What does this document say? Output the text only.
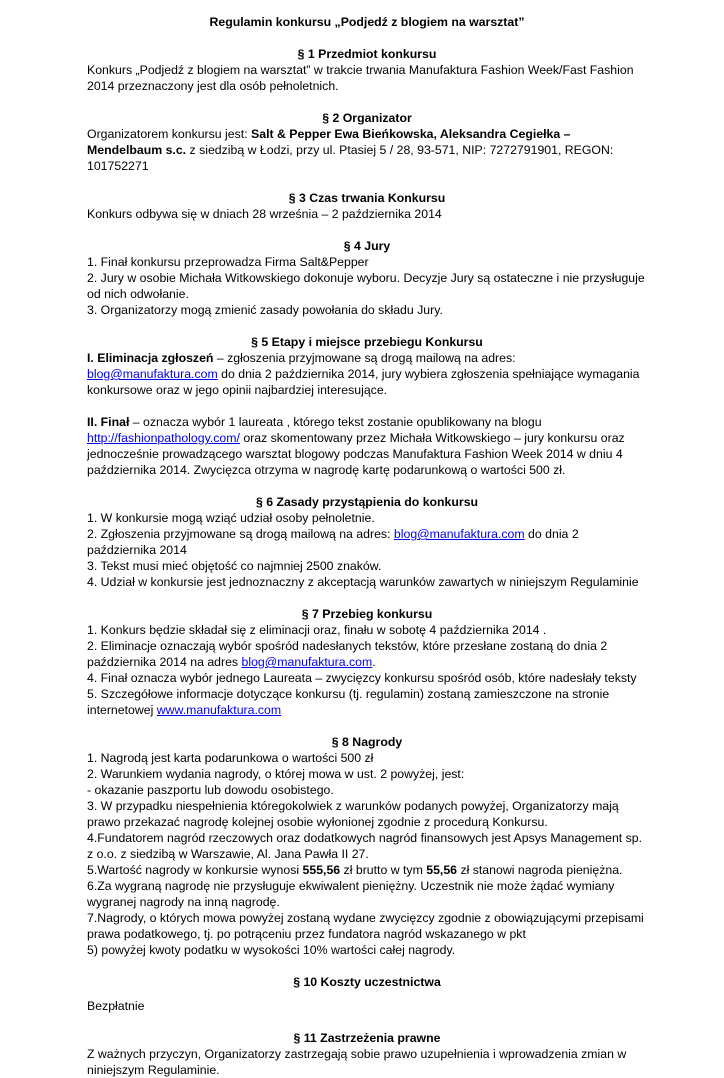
Regulamin konkursu „Podjedź z blogiem na warsztat”
§ 1 Przedmiot konkursu

Konkurs „Podjedź z blogiem na warsztat” w trakcie trwania Manufaktura Fashion Week/Fast Fashion 2014 przeznaczony jest dla osób pełnoletnich.

§ 2 Organizator

Organizatorem konkursu jest: Salt & Pepper Ewa Bieńkowska, Aleksandra Cegiełka – Mendelbaum s.c. z siedzibą w Łodzi, przy ul. Ptasiej 5 / 28, 93-571, NIP: 7272791901, REGON: 101752271

§ 3 Czas trwania Konkursu

Konkurs odbywa się w dniach 28 września – 2 października 2014

§ 4 Jury

1. Finał konkursu przeprowadza Firma Salt&Pepper

2. Jury w osobie Michała Witkowskiego dokonuje wyboru. Decyzje Jury są ostateczne i nie przysługuje od nich odwołanie.

3. Organizatorzy mogą zmienić zasady powołania do składu Jury.

§ 5 Etapy i miejsce przebiegu Konkursu

I. Eliminacja zgłoszeń – zgłoszenia przyjmowane są drogą mailową na adres: blog@manufaktura.com do dnia 2 października 2014, jury wybiera zgłoszenia spełniające wymagania konkursowe oraz w jego opinii najbardziej interesujące.

II. Finał – oznacza wybór 1 laureata , którego tekst zostanie opublikowany na blogu http://fashionpathology.com/ oraz skomentowany przez Michała Witkowskiego – jury konkursu oraz jednocześnie prowadzącego warsztat blogowy podczas Manufaktura Fashion Week 2014 w dniu 4 października 2014. Zwycięzca otrzyma w nagrodę kartę podarunkową o wartości 500 zł.

§ 6 Zasady przystąpienia do konkursu

1. W konkursie mogą wziąć udział osoby pełnoletnie.

2. Zgłoszenia przyjmowane są drogą mailową na adres: blog@manufaktura.com do dnia 2 października 2014

3. Tekst musi mieć objętość co najmniej 2500 znaków.

4. Udział w konkursie jest jednoznaczny z akceptacją warunków zawartych w niniejszym Regulaminie

§ 7 Przebieg konkursu

1. Konkurs będzie składał się z eliminacji oraz, finału w sobotę 4 października 2014 .

2. Eliminacje oznaczają wybór spośród nadesłanych tekstów, które przesłane zostaną do dnia 2 października 2014 na adres blog@manufaktura.com.

4. Finał oznacza wybór jednego Laureata – zwycięzcy konkursu spośród osób, które nadesłały teksty

5. Szczegółowe informacje dotyczące konkursu (tj. regulamin) zostaną zamieszczone na stronie internetowej www.manufaktura.com

§ 8 Nagrody

1. Nagrodą jest karta podarunkowa o wartości 500 zł

2. Warunkiem wydania nagrody, o której mowa w ust. 2 powyżej, jest:

- okazanie paszportu lub dowodu osobistego.

3. W przypadku niespełnienia któregokolwiek z warunków podanych powyżej, Organizatorzy mają prawo przekazać nagrodę kolejnej osobie wyłonionej zgodnie z procedurą Konkursu.

4.Fundatorem nagród rzeczowych oraz dodatkowych nagród finansowych jest Apsys Management sp. z o.o. z siedzibą w Warszawie, Al. Jana Pawła II 27.

5.Wartość nagrody w konkursie wynosi 555,56 zł brutto w tym 55,56 zł stanowi nagroda pieniężna.

6.Za wygraną nagrodę nie przysługuje ekwiwalent pieniężny. Uczestnik nie może żądać wymiany wygranej nagrody na inną nagrodę.

7.Nagrody, o których mowa powyżej zostaną wydane zwycięzcy zgodnie z obowiązującymi przepisami prawa podatkowego, tj. po potrąceniu przez fundatora nagród wskazanego w pkt

5) powyżej kwoty podatku w wysokości 10% wartości całej nagrody.

§ 10 Koszty uczestnictwa

Bezpłatnie

§ 11 Zastrzeżenia prawne

Z ważnych przyczyn, Organizatorzy zastrzegają sobie prawo uzupełnienia i wprowadzenia zmian w niniejszym Regulaminie.
